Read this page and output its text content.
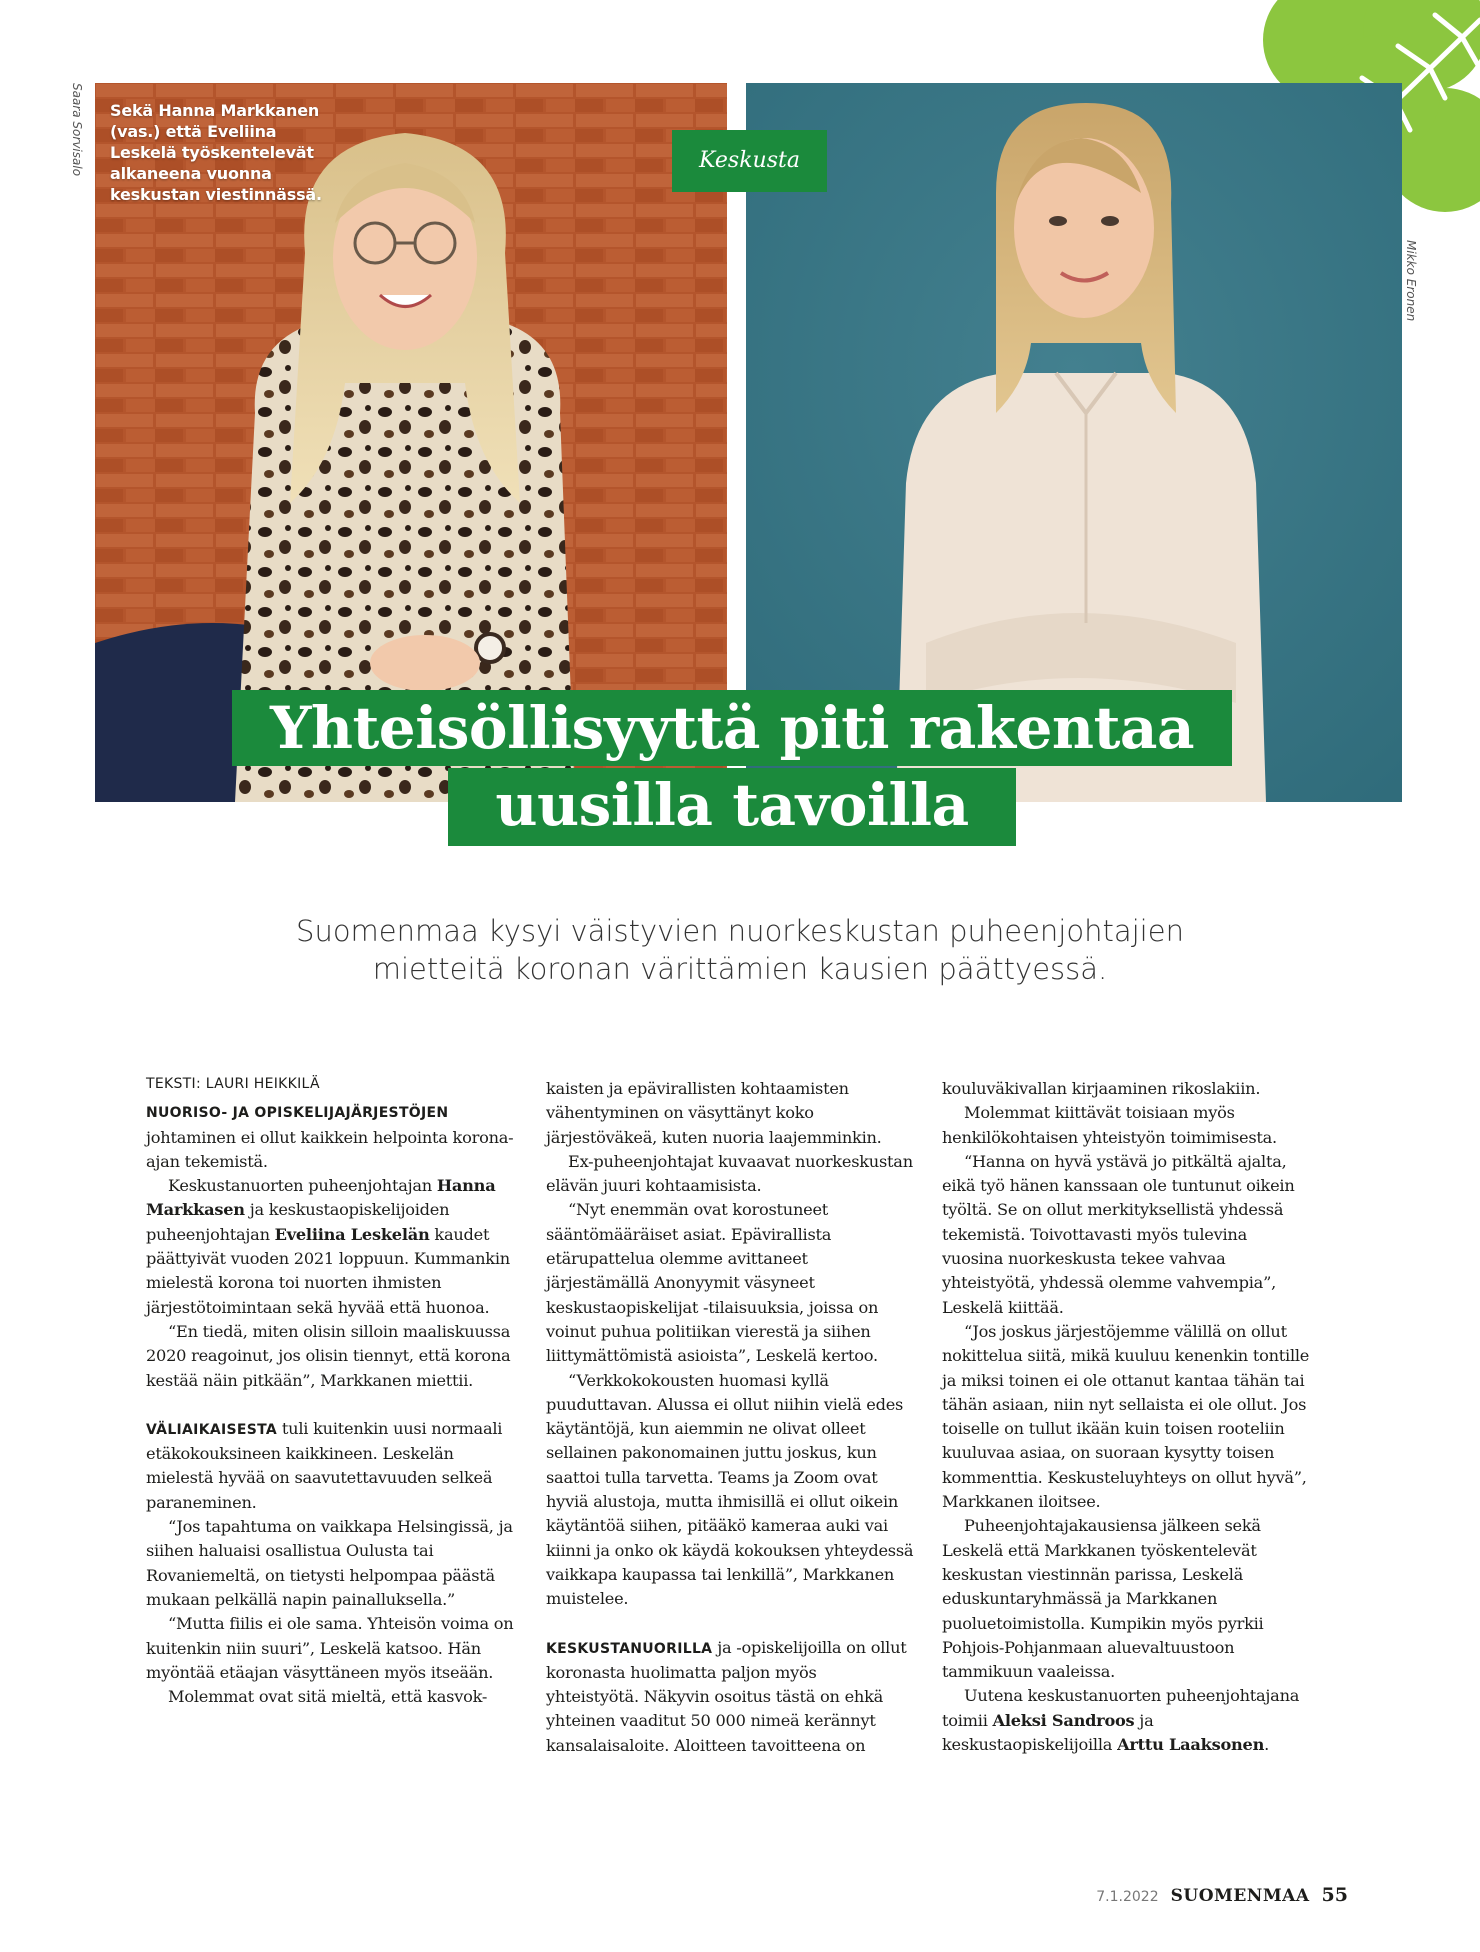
Saara Sorvisalo
Mikko Eronen
Sekä Hanna Markkanen (vas.) että Eveliina Leskelä työskentelevät alkaneena vuonna keskustan viestinnässä.
Keskusta
Yhteisöllisyyttä piti rakentaa
uusilla tavoilla
Suomenmaa kysyi väistyvien nuorkeskustan puheenjohtajien
mietteitä koronan värittämien kausien päättyessä.
TEKSTI: LAURI HEIKKILÄ

NUORISO- JA OPISKELIJAJÄRJESTÖJEN johtaminen ei ollut kaikkein helpointa korona-ajan tekemistä.

Keskustanuorten puheenjohtajan Hanna Markkasen ja keskustaopiskelijoiden puheenjohtajan Eveliina Leskelän kaudet päättyivät vuoden 2021 loppuun. Kummankin mielestä korona toi nuorten ihmisten järjestötoimintaan sekä hyvää että huonoa.

“En tiedä, miten olisin silloin maaliskuussa 2020 reagoinut, jos olisin tiennyt, että korona kestää näin pitkään”, Markkanen miettii.

VÄLIAIKAISESTA tuli kuitenkin uusi normaali etäkokouksineen kaikkineen. Leskelän mielestä hyvää on saavutettavuuden selkeä paraneminen.

“Jos tapahtuma on vaikkapa Helsingissä, ja siihen haluaisi osallistua Oulusta tai Rovaniemeltä, on tietysti helpompaa päästä mukaan pelkällä napin painalluksella.”

“Mutta fiilis ei ole sama. Yhteisön voima on kuitenkin niin suuri”, Leskelä katsoo. Hän myöntää etäajan väsyttäneen myös itseään.

Molemmat ovat sitä mieltä, että kasvok-

kaisten ja epävirallisten kohtaamisten vähentyminen on väsyttänyt koko järjestöväkeä, kuten nuoria laajemminkin.

Ex-puheenjohtajat kuvaavat nuorkeskustan elävän juuri kohtaamisista.

“Nyt enemmän ovat korostuneet sääntömääräiset asiat. Epävirallista etärupattelua olemme avittaneet järjestämällä Anonyymit väsyneet keskustaopiskelijat -tilaisuuksia, joissa on voinut puhua politiikan vierestä ja siihen liittymättömistä asioista”, Leskelä kertoo.

“Verkkokokousten huomasi kyllä puuduttavan. Alussa ei ollut niihin vielä edes käytäntöjä, kun aiemmin ne olivat olleet sellainen pakonomainen juttu joskus, kun saattoi tulla tarvetta. Teams ja Zoom ovat hyviä alustoja, mutta ihmisillä ei ollut oikein käytäntöä siihen, pitääkö kameraa auki vai kiinni ja onko ok käydä kokouksen yhteydessä vaikkapa kaupassa tai lenkillä”, Markkanen muistelee.

KESKUSTANUORILLA ja -opiskelijoilla on ollut koronasta huolimatta paljon myös yhteistyötä. Näkyvin osoitus tästä on ehkä yhteinen vaaditut 50 000 nimeä kerännyt kansalaisaloite. Aloitteen tavoitteena on

kouluväkivallan kirjaaminen rikoslakiin.

Molemmat kiittävät toisiaan myös henkilökohtaisen yhteistyön toimimisesta.

“Hanna on hyvä ystävä jo pitkältä ajalta, eikä työ hänen kanssaan ole tuntunut oikein työltä. Se on ollut merkityksellistä yhdessä tekemistä. Toivottavasti myös tulevina vuosina nuorkeskusta tekee vahvaa yhteistyötä, yhdessä olemme vahvempia”, Leskelä kiittää.

“Jos joskus järjestöjemme välillä on ollut nokittelua siitä, mikä kuuluu kenenkin tontille ja miksi toinen ei ole ottanut kantaa tähän tai tähän asiaan, niin nyt sellaista ei ole ollut. Jos toiselle on tullut ikään kuin toisen rooteliin kuuluvaa asiaa, on suoraan kysytty toisen kommenttia. Keskusteluyhteys on ollut hyvä”, Markkanen iloitsee.

Puheenjohtajakausiensa jälkeen sekä Leskelä että Markkanen työskentelevät keskustan viestinnän parissa, Leskelä eduskuntaryhmässä ja Markkanen puoluetoimistolla. Kumpikin myös pyrkii Pohjois-Pohjanmaan aluevaltuustoon tammikuun vaaleissa.

Uutena keskustanuorten puheenjohtajana toimii Aleksi Sandroos ja keskustaopiskelijoilla Arttu Laaksonen.

7.1.2022 SUOMENMAA 55
